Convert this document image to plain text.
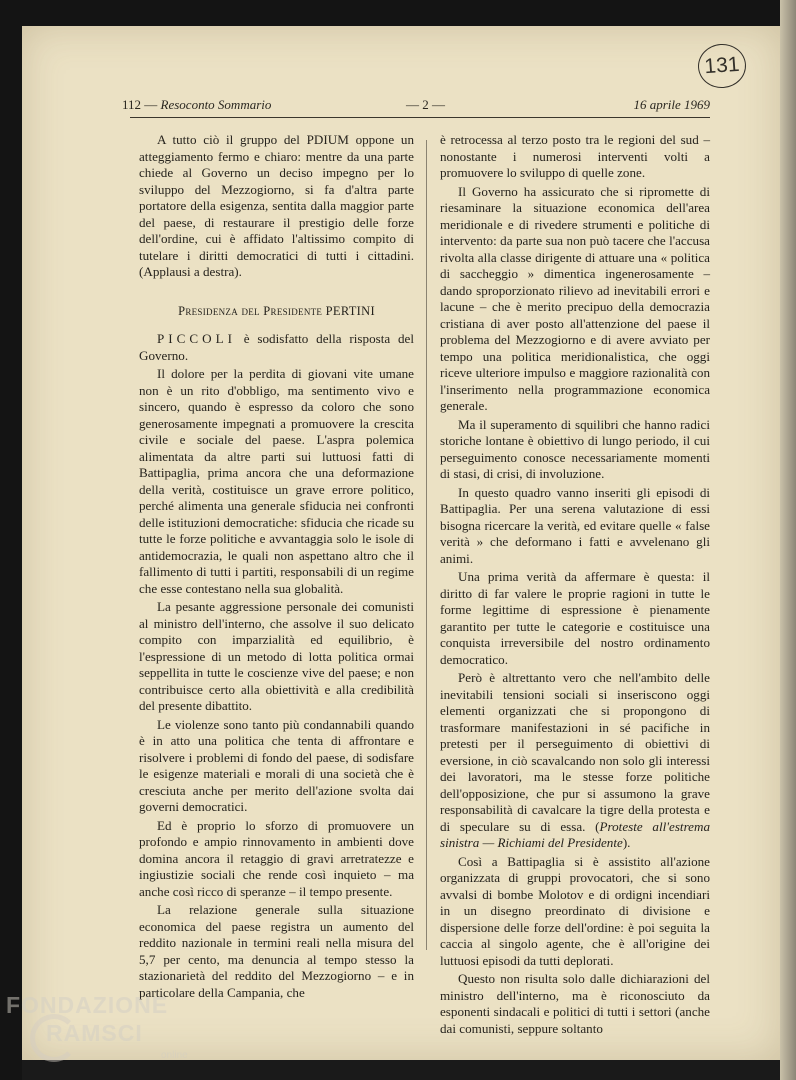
131
112 — Resoconto Sommario	— 2 —	16 aprile 1969

A tutto ciò il gruppo del PDIUM oppone un atteggiamento fermo e chiaro: mentre da una parte chiede al Governo un deciso impegno per lo sviluppo del Mezzogiorno, si fa d'altra parte portatore della esigenza, sentita dalla maggior parte del paese, di restaurare il prestigio delle forze dell'ordine, cui è affidato l'altissimo compito di tutelare i diritti democratici di tutti i cittadini. (Applausi a destra).

Presidenza del Presidente PERTINI

PICCOLI è sodisfatto della risposta del Governo.

Il dolore per la perdita di giovani vite umane non è un rito d'obbligo, ma sentimento vivo e sincero, quando è espresso da coloro che sono generosamente impegnati a promuovere la crescita civile e sociale del paese. L'aspra polemica alimentata da altre parti sui luttuosi fatti di Battipaglia, prima ancora che una deformazione della verità, costituisce un grave errore politico, perché alimenta una generale sfiducia nei confronti delle istituzioni democratiche: sfiducia che ricade su tutte le forze politiche e avvantaggia solo le isole di antidemocrazia, le quali non aspettano altro che il fallimento di tutti i partiti, responsabili di un regime che esse contestano nella sua globalità.

La pesante aggressione personale dei comunisti al ministro dell'interno, che assolve il suo delicato compito con imparzialità ed equilibrio, è l'espressione di un metodo di lotta politica ormai seppellita in tutte le coscienze vive del paese; e non contribuisce certo alla obiettività e alla credibilità del presente dibattito.

Le violenze sono tanto più condannabili quando è in atto una politica che tenta di affrontare e risolvere i problemi di fondo del paese, di sodisfare le esigenze materiali e morali di una società che è cresciuta anche per merito dell'azione svolta dai governi democratici.

Ed è proprio lo sforzo di promuovere un profondo e ampio rinnovamento in ambienti dove domina ancora il retaggio di gravi arretratezze e ingiustizie sociali che rende così inquieto – ma anche così ricco di speranze – il tempo presente.

La relazione generale sulla situazione economica del paese registra un aumento del reddito nazionale in termini reali nella misura del 5,7 per cento, ma denuncia al tempo stesso la stazionarietà del reddito del Mezzogiorno – e in particolare della Campania, che

è retrocessa al terzo posto tra le regioni del sud – nonostante i numerosi interventi volti a promuovere lo sviluppo di quelle zone.

Il Governo ha assicurato che si ripromette di riesaminare la situazione economica dell'area meridionale e di rivedere strumenti e politiche di intervento: da parte sua non può tacere che l'accusa rivolta alla classe dirigente di attuare una « politica di saccheggio » dimentica ingenerosamente – dando sproporzionato rilievo ad inevitabili errori e lacune – che è merito precipuo della democrazia cristiana di aver posto all'attenzione del paese il problema del Mezzogiorno e di avere avviato per tempo una politica meridionalistica, che oggi riceve ulteriore impulso e maggiore razionalità con l'inserimento nella programmazione economica generale.

Ma il superamento di squilibri che hanno radici storiche lontane è obiettivo di lungo periodo, il cui perseguimento conosce necessariamente momenti di stasi, di crisi, di involuzione.

In questo quadro vanno inseriti gli episodi di Battipaglia. Per una serena valutazione di essi bisogna ricercare la verità, ed evitare quelle « false verità » che deformano i fatti e avvelenano gli animi.

Una prima verità da affermare è questa: il diritto di far valere le proprie ragioni in tutte le forme legittime di espressione è pienamente garantito per tutte le categorie e costituisce una conquista irreversibile del nostro ordinamento democratico.

Però è altrettanto vero che nell'ambito delle inevitabili tensioni sociali si inseriscono oggi elementi organizzati che si propongono di trasformare manifestazioni in sé pacifiche in pretesti per il perseguimento di obiettivi di eversione, in ciò scavalcando non solo gli interessi dei lavoratori, ma le stesse forze politiche dell'opposizione, che pur si assumono la grave responsabilità di cavalcare la tigre della protesta e di speculare su di essa. (Proteste all'estrema sinistra — Richiami del Presidente).

Così a Battipaglia si è assistito all'azione organizzata di gruppi provocatori, che si sono avvalsi di bombe Molotov e di ordigni incendiari in un disegno preordinato di divisione e dispersione delle forze dell'ordine: è poi seguita la caccia al singolo agente, che è all'origine dei luttuosi episodi da tutti deplorati.

Questo non risulta solo dalle dichiarazioni del ministro dell'interno, ma è riconosciuto da esponenti sindacali e politici di tutti i settori (anche dai comunisti, seppure soltanto

FONDAZIONE
RAMSCI
online
